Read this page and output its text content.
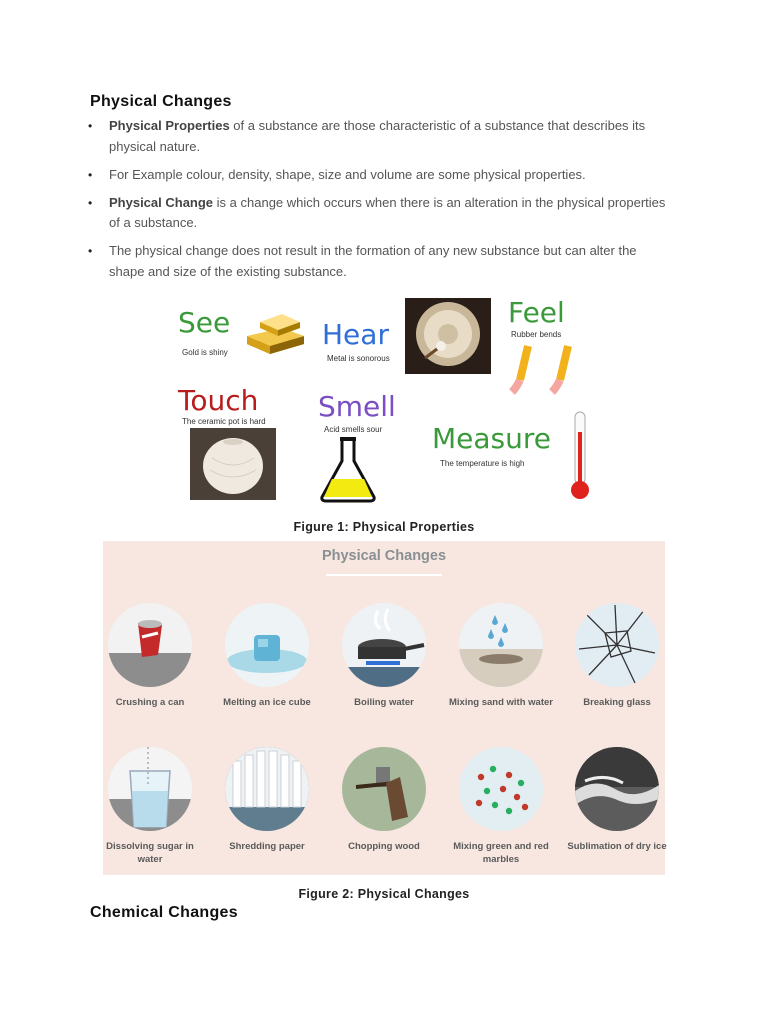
Physical Changes
• Physical Properties of a substance are those characteristic of a substance that describes its physical nature.
• For Example colour, density, shape, size and volume are some physical properties.
• Physical Change is a change which occurs when there is an alteration in the physical properties of a substance.
• The physical change does not result in the formation of any new substance but can alter the shape and size of the existing substance.
See
Gold is shiny
Hear
Metal is sonorous
Feel
Rubber bends
Touch
The ceramic pot is hard Smell
Acid smells sour Measure
The temperature is high
Figure 1: Physical Properties
Physical Changes
Crushing a can	Melting an ice cube	Boiling water	Mixing sand with water	Breaking glass
Dissolving sugar in water
Shredding paper	Chopping wood	Mixing green and red marbles
Sublimation of dry ice
Figure 2: Physical Changes
Chemical Changes
